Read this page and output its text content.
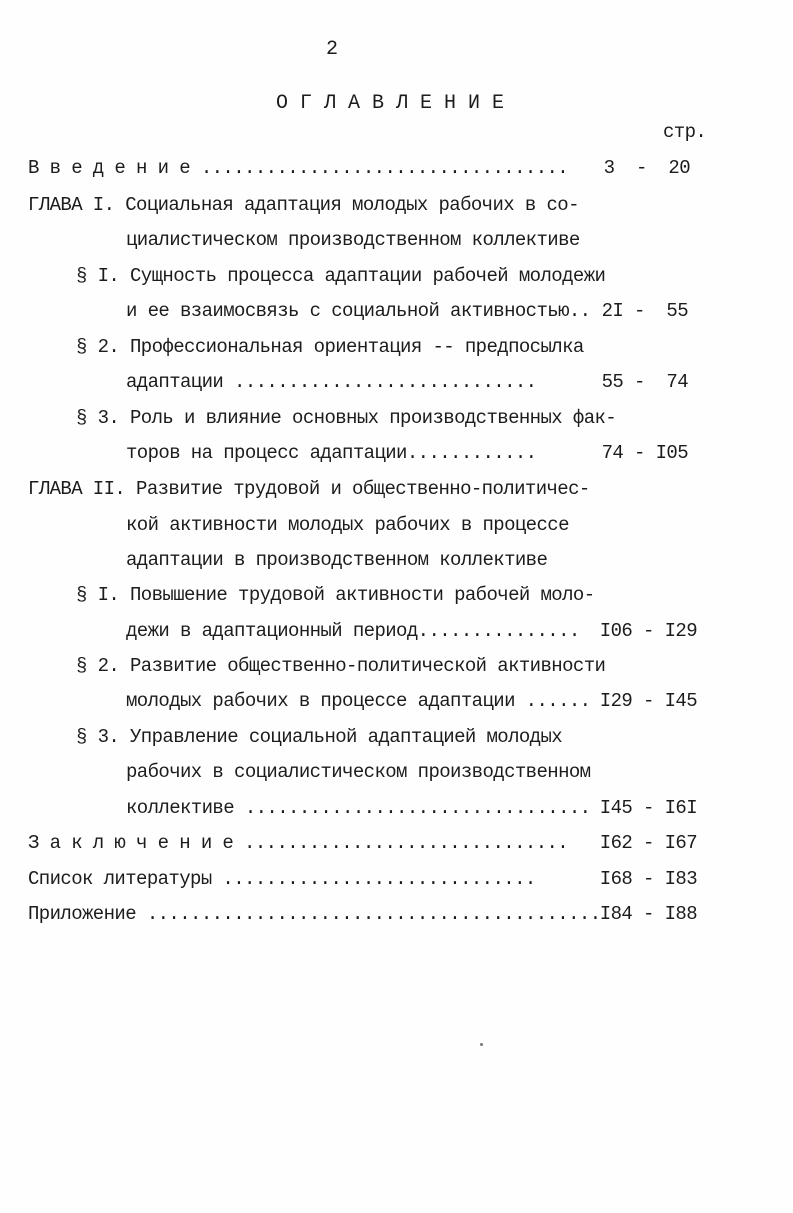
2
О Г Л А В Л Е Н И Е
стр.
В в е д е н и е ..................................	3  -  20
ГЛАВА I. Социальная адаптация молодых рабочих в со-
циалистическом производственном коллективе
§ I. Сущность процесса адаптации рабочей молодежи
и ее взаимосвязь с социальной активностью.. 2I -  55
§ 2. Профессиональная ориентация -- предпосылка
адаптации ............................	55 -  74
§ 3. Роль и влияние основных производственных фак-
торов на процесс адаптации............	74 - I05
ГЛАВА II. Развитие трудовой и общественно-политичес-
кой активности молодых рабочих в процессе
адаптации в производственном коллективе
§ I. Повышение трудовой активности рабочей моло-
дежи в адаптационный период...............	I06 - I29
§ 2. Развитие общественно-политической активности
молодых рабочих в процессе адаптации ...... I29 - I45
§ 3. Управление социальной адаптацией молодых
рабочих в социалистическом производственном
коллективе ................................ I45 - I6I
З а к л ю ч е н и е ..............................	I62 - I67
Список литературы .............................	I68 - I83
Приложение .......................................... I84 - I88
